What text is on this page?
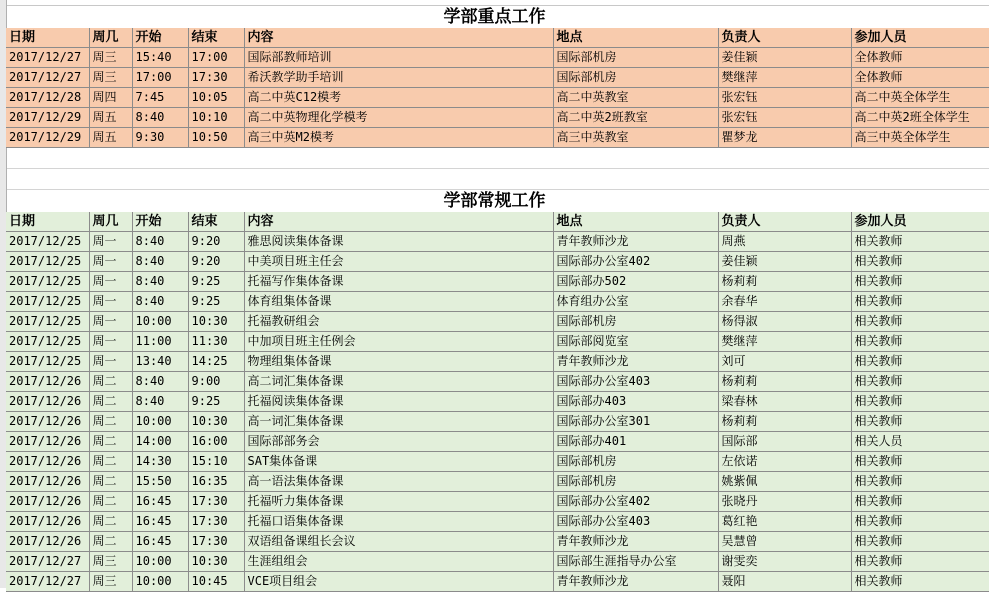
学部重点工作
日期	周几	开始	结束	内容	地点	负责人	参加人员
2017/12/27	周三	15:40	17:00	国际部教师培训	国际部机房	姜佳颖	全体教师
2017/12/27	周三	17:00	17:30	希沃教学助手培训	国际部机房	樊继萍	全体教师
2017/12/28	周四	7:45	10:05	高二中英C12模考	高二中英教室	张宏钰	高二中英全体学生
2017/12/29	周五	8:40	10:10	高二中英物理化学模考	高二中英2班教室	张宏钰	高二中英2班全体学生
2017/12/29	周五	9:30	10:50	高三中英M2模考	高三中英教室	瞿梦龙	高三中英全体学生
学部常规工作
日期	周几	开始	结束	内容	地点	负责人	参加人员
2017/12/25	周一	8:40	9:20	雅思阅读集体备课	青年教师沙龙	周燕	相关教师
2017/12/25	周一	8:40	9:20	中美项目班主任会	国际部办公室402	姜佳颖	相关教师
2017/12/25	周一	8:40	9:25	托福写作集体备课	国际部办502	杨莉莉	相关教师
2017/12/25	周一	8:40	9:25	体育组集体备课	体育组办公室	余春华	相关教师
2017/12/25	周一	10:00	10:30	托福教研组会	国际部机房	杨得淑	相关教师
2017/12/25	周一	11:00	11:30	中加项目班主任例会	国际部阅览室	樊继萍	相关教师
2017/12/25	周一	13:40	14:25	物理组集体备课	青年教师沙龙	刘可	相关教师
2017/12/26	周二	8:40	9:00	高二词汇集体备课	国际部办公室403	杨莉莉	相关教师
2017/12/26	周二	8:40	9:25	托福阅读集体备课	国际部办403	梁春林	相关教师
2017/12/26	周二	10:00	10:30	高一词汇集体备课	国际部办公室301	杨莉莉	相关教师
2017/12/26	周二	14:00	16:00	国际部部务会	国际部办401	国际部	相关人员
2017/12/26	周二	14:30	15:10	SAT集体备课	国际部机房	左依诺	相关教师
2017/12/26	周二	15:50	16:35	高一语法集体备课	国际部机房	姚紫佩	相关教师
2017/12/26	周二	16:45	17:30	托福听力集体备课	国际部办公室402	张晓丹	相关教师
2017/12/26	周二	16:45	17:30	托福口语集体备课	国际部办公室403	葛红艳	相关教师
2017/12/26	周二	16:45	17:30	双语组备课组长会议	青年教师沙龙	吴慧曾	相关教师
2017/12/27	周三	10:00	10:30	生涯组组会	国际部生涯指导办公室	谢雯奕	相关教师
2017/12/27	周三	10:00	10:45	VCE项目组会	青年教师沙龙	聂阳	相关教师
